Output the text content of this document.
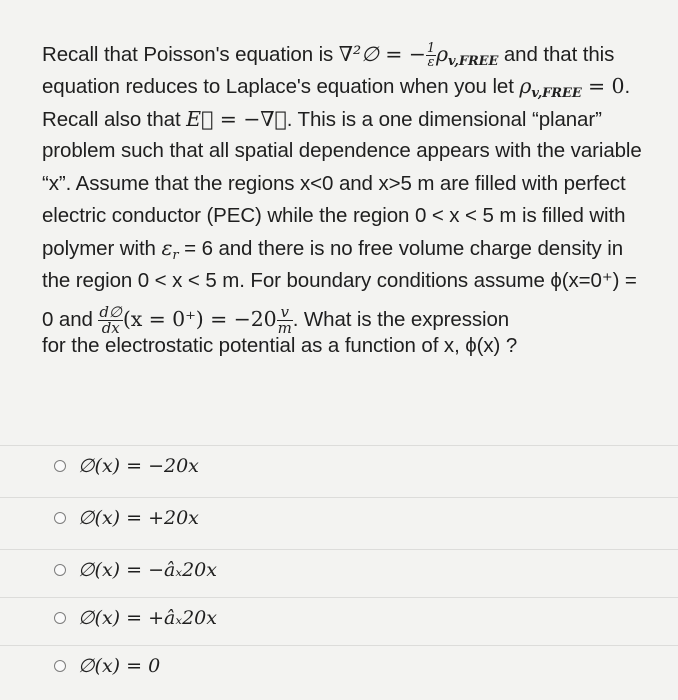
Recall that Poisson's equation is ∇²∅ = − $\frac{1}{\varepsilon} \rho_{v,FREE}$ and that this
equation reduces to Laplace's equation when you let $\rho_{v,FREE} = 0$.
Recall also that E⃗ = −∇∅. This is a one dimensional “planar”
problem such that all spatial dependence appears with the variable
“x”. Assume that the regions x<0 and x>5 m are filled with perfect
electric conductor (PEC) while the region 0 < x < 5 m is filled with
polymer with $\varepsilon_r = 6$ and there is no free volume charge density in
the region 0 < x < 5 m. For boundary conditions assume ϕ(x=0⁺) =
0 and $\frac{d\emptyset}{dx} (x = 0^+) = -20 \frac{v}{m}$ . What is the expression
for the electrostatic potential as a function of x, ϕ(x) ?
∅(x) = −20x
∅(x) = +20x
∅(x) = −âₓ20x
∅(x) = +âₓ20x
∅(x) = 0
